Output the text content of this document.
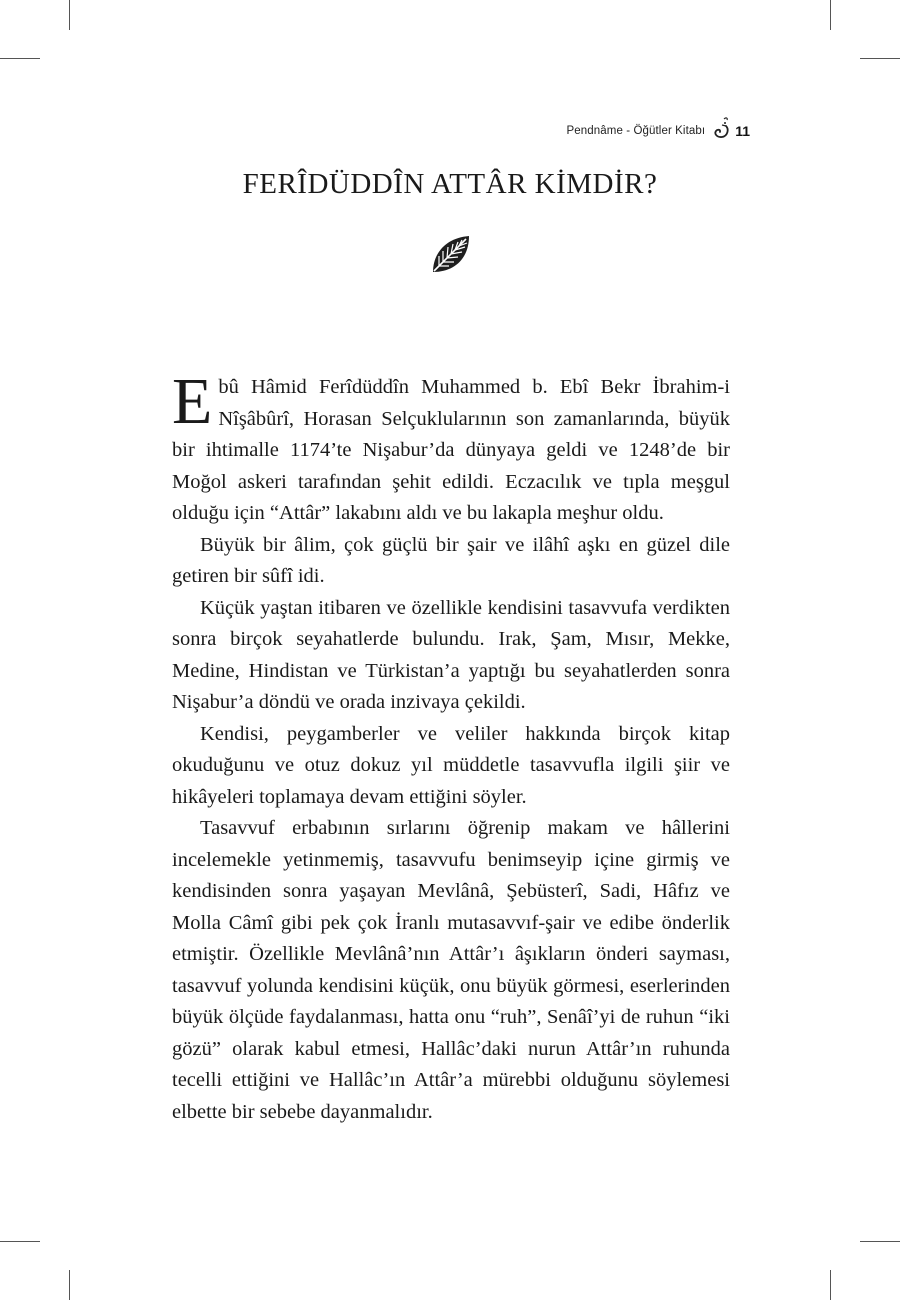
Pendnâme - Öğütler Kitabı 11
FERÎDÜDDÎN ATTÂR KİMDİR?

Ebû Hâmid Ferîdüddîn Muhammed b. Ebî Bekr İbrahim-i Nîşâbûrî, Horasan Selçuklularının son zamanlarında, büyük bir ihtimalle 1174’te Nişabur’da dünyaya geldi ve 1248’de bir Moğol askeri tarafından şehit edildi. Eczacılık ve tıpla meşgul olduğu için “Attâr” lakabını aldı ve bu lakapla meşhur oldu.

Büyük bir âlim, çok güçlü bir şair ve ilâhî aşkı en güzel dile getiren bir sûfî idi.

Küçük yaştan itibaren ve özellikle kendisini tasavvufa verdikten sonra birçok seyahatlerde bulundu. Irak, Şam, Mısır, Mekke, Medine, Hindistan ve Türkistan’a yaptığı bu seyahatlerden sonra Nişabur’a döndü ve orada inzivaya çekildi.

Kendisi, peygamberler ve veliler hakkında birçok kitap okuduğunu ve otuz dokuz yıl müddetle tasavvufla ilgili şiir ve hikâyeleri toplamaya devam ettiğini söyler.

Tasavvuf erbabının sırlarını öğrenip makam ve hâllerini incelemekle yetinmemiş, tasavvufu benimseyip içine girmiş ve kendisinden sonra yaşayan Mevlânâ, Şebüsterî, Sadi, Hâfız ve Molla Câmî gibi pek çok İranlı mutasavvıf-şair ve edibe önderlik etmiştir. Özellikle Mevlânâ’nın Attâr’ı âşıkların önderi sayması, tasavvuf yolunda kendisini küçük, onu büyük görmesi, eserlerinden büyük ölçüde faydalanması, hatta onu “ruh”, Senâî’yi de ruhun “iki gözü” olarak kabul etmesi, Hallâc’daki nurun Attâr’ın ruhunda tecelli ettiğini ve Hallâc’ın Attâr’a mürebbi olduğunu söylemesi elbette bir sebebe dayanmalıdır.
